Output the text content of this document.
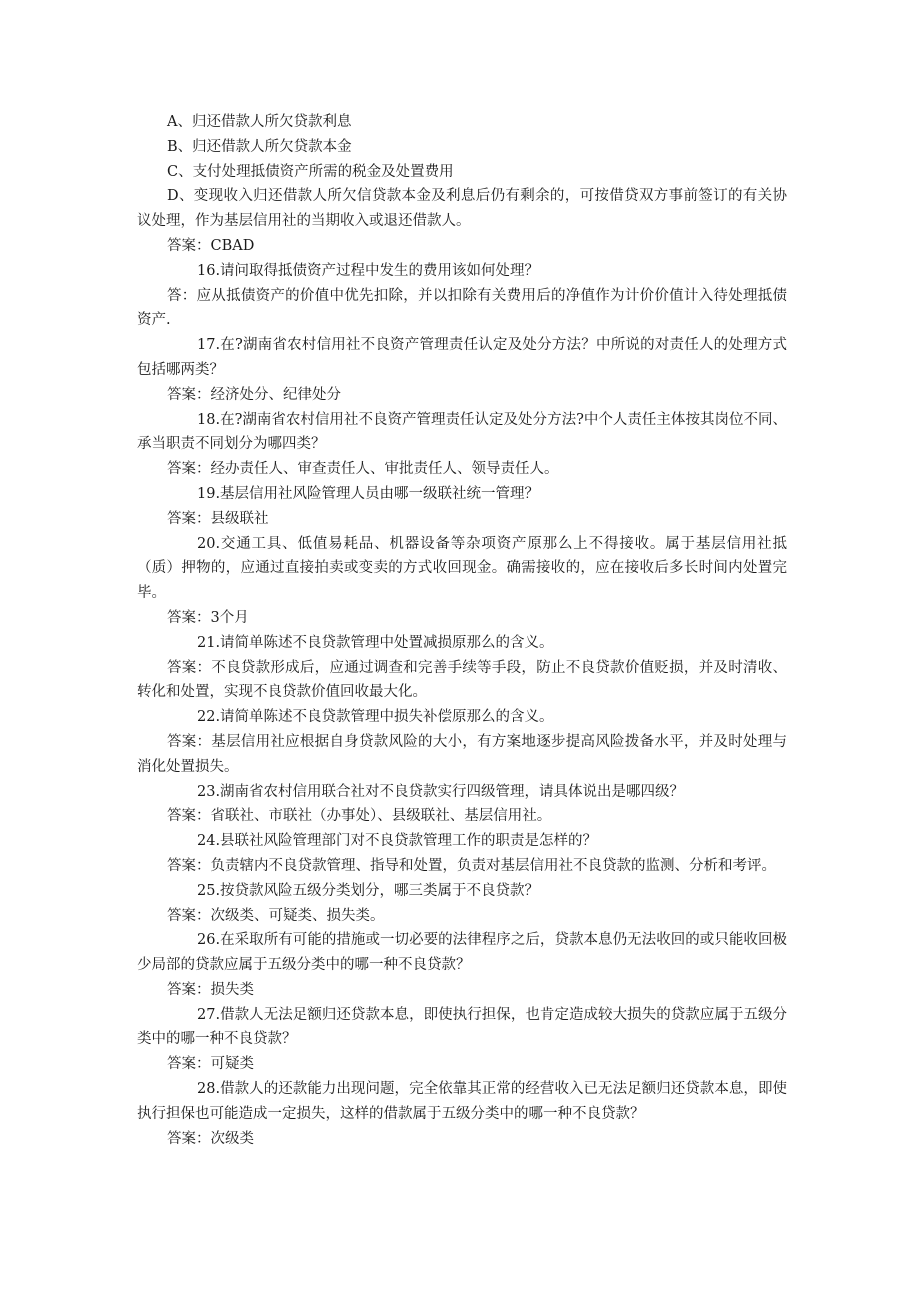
A、归还借款人所欠贷款利息

B、归还借款人所欠贷款本金

C、支付处理抵债资产所需的税金及处置费用

D、变现收入归还借款人所欠信贷款本金及利息后仍有剩余的，可按借贷双方事前签订的有关协议处理，作为基层信用社的当期收入或退还借款人。

答案：CBAD

16.请问取得抵债资产过程中发生的费用该如何处理？

答：应从抵债资产的价值中优先扣除，并以扣除有关费用后的净值作为计价价值计入待处理抵债资产.

17.在?湖南省农村信用社不良资产管理责任认定及处分方法？中所说的对责任人的处理方式包括哪两类？

答案：经济处分、纪律处分

18.在?湖南省农村信用社不良资产管理责任认定及处分方法?中个人责任主体按其岗位不同、承当职责不同划分为哪四类？

答案：经办责任人、审查责任人、审批责任人、领导责任人。

19.基层信用社风险管理人员由哪一级联社统一管理？

答案：县级联社

20.交通工具、低值易耗品、机器设备等杂项资产原那么上不得接收。属于基层信用社抵（质）押物的，应通过直接拍卖或变卖的方式收回现金。确需接收的，应在接收后多长时间内处置完毕。

答案：3个月

21.请简单陈述不良贷款管理中处置减损原那么的含义。

答案：不良贷款形成后，应通过调查和完善手续等手段，防止不良贷款价值贬损，并及时清收、转化和处置，实现不良贷款价值回收最大化。

22.请简单陈述不良贷款管理中损失补偿原那么的含义。

答案：基层信用社应根据自身贷款风险的大小，有方案地逐步提高风险拨备水平，并及时处理与消化处置损失。

23.湖南省农村信用联合社对不良贷款实行四级管理，请具体说出是哪四级？

答案：省联社、市联社（办事处）、县级联社、基层信用社。

24.县联社风险管理部门对不良贷款管理工作的职责是怎样的？

答案：负责辖内不良贷款管理、指导和处置，负责对基层信用社不良贷款的监测、分析和考评。

25.按贷款风险五级分类划分，哪三类属于不良贷款？

答案：次级类、可疑类、损失类。

26.在采取所有可能的措施或一切必要的法律程序之后，贷款本息仍无法收回的或只能收回极少局部的贷款应属于五级分类中的哪一种不良贷款？

答案：损失类

27.借款人无法足额归还贷款本息，即使执行担保，也肯定造成较大损失的贷款应属于五级分类中的哪一种不良贷款？

答案：可疑类

28.借款人的还款能力出现问题，完全依靠其正常的经营收入已无法足额归还贷款本息，即使执行担保也可能造成一定损失，这样的借款属于五级分类中的哪一种不良贷款？

答案：次级类
